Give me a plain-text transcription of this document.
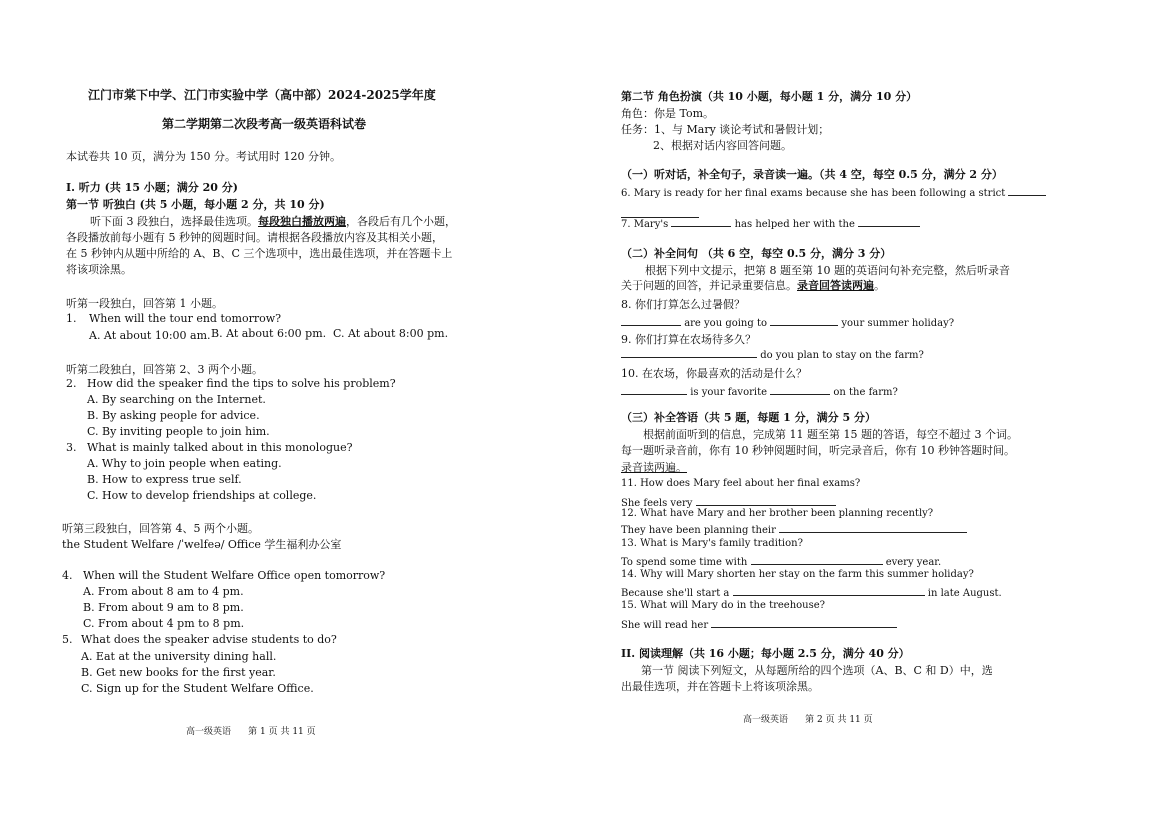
江门市棠下中学、江门市实验中学（高中部）2024-2025学年度
第二学期第二次段考高一级英语科试卷
本试卷共 10 页，满分为 150 分。考试用时 120 分钟。
I. 听力 (共 15 小题；满分 20 分)
第一节 听独白 (共 5 小题，每小题 2 分，共 10 分)
听下面 3 段独白，选择最佳选项。每段独白播放两遍，各段后有几个小题，
各段播放前每小题有 5 秒钟的阅题时间。请根据各段播放内容及其相关小题，
在 5 秒钟内从题中所给的 A、B、C 三个选项中，选出最佳选项，并在答题卡上
将该项涂黑。
听第一段独白，回答第 1 小题。
1. When will the tour end tomorrow?
A. At about 10:00 am. B. At about 6:00 pm. C. At about 8:00 pm.
听第二段独白，回答第 2、3 两个小题。
2. How did the speaker find the tips to solve his problem?
A. By searching on the Internet.
B. By asking people for advice.
C. By inviting people to join him.
3. What is mainly talked about in this monologue?
A. Why to join people when eating.
B. How to express true self.
C. How to develop friendships at college.
听第三段独白，回答第 4、5 两个小题。
the Student Welfare /ˈwelfeə/ Office 学生福利办公室
4. When will the Student Welfare Office open tomorrow?
A. From about 8 am to 4 pm.
B. From about 9 am to 8 pm.
C. From about 4 pm to 8 pm.
5. What does the speaker advise students to do?
A. Eat at the university dining hall.
B. Get new books for the first year.
C. Sign up for the Student Welfare Office.
高一级英语      第 1 页 共 11 页
第二节 角色扮演（共 10 小题，每小题 1 分，满分 10 分）
角色：你是 Tom。
任务：1、与 Mary 谈论考试和暑假计划；
2、根据对话内容回答问题。
（一）听对话，补全句子，录音读一遍。（共 4 空，每空 0.5 分，满分 2 分）
6. Mary is ready for her final exams because she has been following a strict
7. Mary's	has helped her with the
（二）补全问句 （共 6 空，每空 0.5 分，满分 3 分）
根据下列中文提示，把第 8 题至第 10 题的英语问句补充完整，然后听录音
关于问题的回答，并记录重要信息。录音回答读两遍。
8. 你们打算怎么过暑假？
are you going to	your summer holiday?
9. 你们打算在农场待多久？
do you plan to stay on the farm?
10. 在农场，你最喜欢的活动是什么？
is your favorite	on the farm?
（三）补全答语（共 5 题，每题 1 分，满分 5 分）
根据前面听到的信息，完成第 11 题至第 15 题的答语，每空不超过 3 个词。
每一题听录音前，你有 10 秒钟阅题时间，听完录音后，你有 10 秒钟答题时间。
录音读两遍。
11. How does Mary feel about her final exams?
She feels very
12. What have Mary and her brother been planning recently?
They have been planning their
13. What is Mary's family tradition?
To spend some time with	every year.
14. Why will Mary shorten her stay on the farm this summer holiday?
Because she'll start a	in late August.
15. What will Mary do in the treehouse?
She will read her
II. 阅读理解（共 16 小题；每小题 2.5 分，满分 40 分）
第一节 阅读下列短文，从每题所给的四个选项（A、B、C 和 D）中，选
出最佳选项，并在答题卡上将该项涂黑。
高一级英语      第 2 页 共 11 页
